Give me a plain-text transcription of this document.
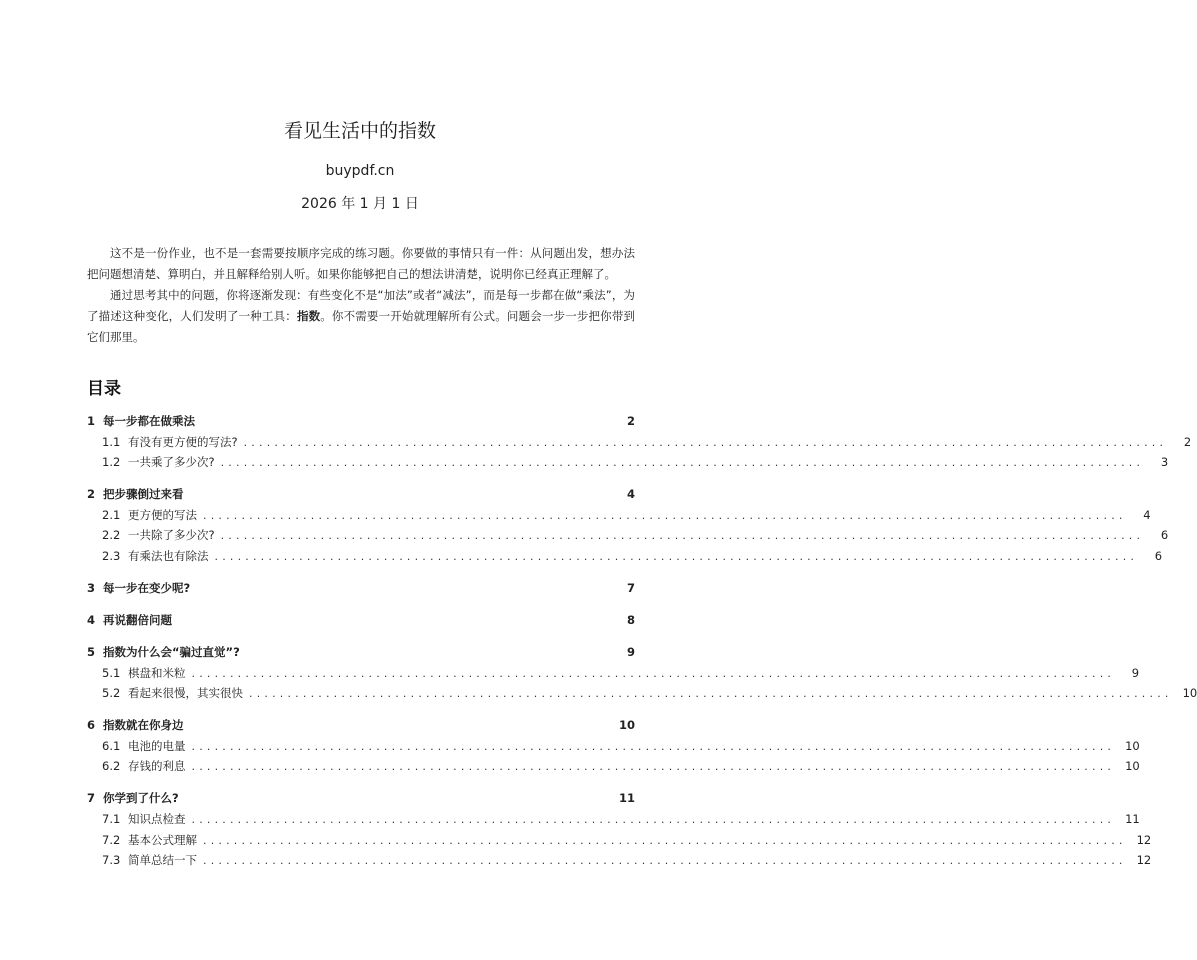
看见生活中的指数
buypdf.cn
2026 年 1 月 1 日

这不是一份作业，也不是一套需要按顺序完成的练习题。你要做的事情只有一件：从问题出发，想办法把问题想清楚、算明白，并且解释给别人听。如果你能够把自己的想法讲清楚，说明你已经真正理解了。

通过思考其中的问题，你将逐渐发现：有些变化不是“加法”或者“减法”，而是每一步都在做“乘法”，为了描述这种变化，人们发明了一种工具：指数。你不需要一开始就理解所有公式。问题会一步一步把你带到它们那里。

目录
1 每一步都在做乘法	2
1.1 有没有更方便的写法? ........................................................................................................................	2
1.2 一共乘了多少次? ........................................................................................................................	3
2 把步骤倒过来看	4
2.1 更方便的写法 ........................................................................................................................	4
2.2 一共除了多少次? ........................................................................................................................	6
2.3 有乘法也有除法 ........................................................................................................................	6
3 每一步在变少呢?	7
4 再说翻倍问题	8
5 指数为什么会“骗过直觉”?	9
5.1 棋盘和米粒 ........................................................................................................................	9
5.2 看起来很慢，其实很快 ........................................................................................................................ 10
6 指数就在你身边	10
6.1 电池的电量 ........................................................................................................................ 10
6.2 存钱的利息 ........................................................................................................................ 10
7 你学到了什么?	11
7.1 知识点检查 ........................................................................................................................ 11
7.2 基本公式理解 ........................................................................................................................ 12
7.3 简单总结一下 ........................................................................................................................ 12
